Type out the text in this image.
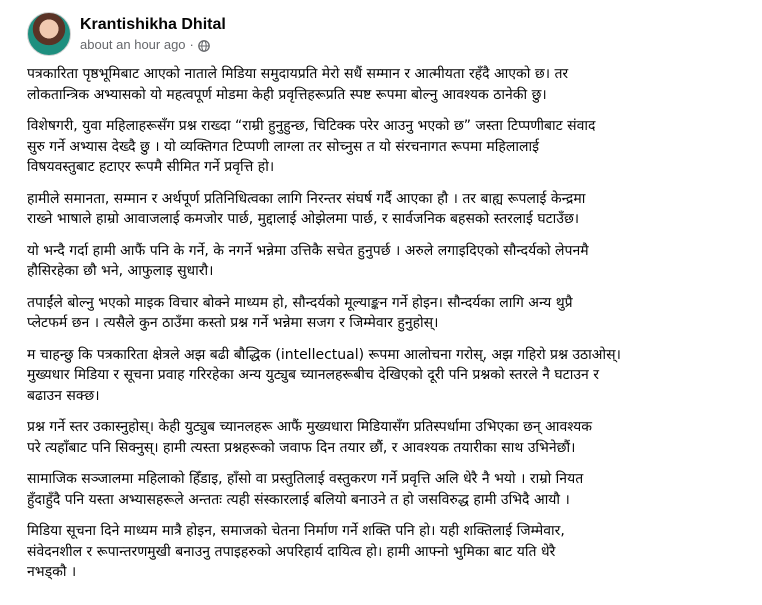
Krantishikha Dhital
about an hour ago ·

पत्रकारिता पृष्ठभूमिबाट आएको नाताले मिडिया समुदायप्रति मेरो सधैं सम्मान र आत्मीयता रहँदै आएको छ। तर
लोकतान्त्रिक अभ्यासको यो महत्वपूर्ण मोडमा केही प्रवृत्तिहरूप्रति स्पष्ट रूपमा बोल्नु आवश्यक ठानेकी छु।

विशेषगरी, युवा महिलाहरूसँग प्रश्न राख्दा “राम्री हुनुहुन्छ, चिटिक्क परेर आउनु भएको छ” जस्ता टिप्पणीबाट संवाद
सुरु गर्ने अभ्यास देख्दै छु । यो व्यक्तिगत टिप्पणी लाग्ला तर सोच्नुस त यो संरचनागत रूपमा महिलालाई
विषयवस्तुबाट हटाएर रूपमै सीमित गर्ने प्रवृत्ति हो।

हामीले समानता, सम्मान र अर्थपूर्ण प्रतिनिधित्वका लागि निरन्तर संघर्ष गर्दै आएका हौ । तर बाह्य रूपलाई केन्द्रमा
राख्ने भाषाले हाम्रो आवाजलाई कमजोर पार्छ, मुद्दालाई ओझेलमा पार्छ, र सार्वजनिक बहसको स्तरलाई घटाउँछ।

यो भन्दै गर्दा हामी आफैं पनि के गर्ने, के नगर्ने भन्नेमा उत्तिकै सचेत हुनुपर्छ । अरुले लगाइदिएको सौन्दर्यको लेपनमै
हौसिरहेका छौ भने, आफुलाइ सुधारौ।

तपाईंले बोल्नु भएको माइक विचार बोक्ने माध्यम हो, सौन्दर्यको मूल्याङ्कन गर्ने होइन। सौन्दर्यका लागि अन्य थुप्रै
प्लेटफर्म छन । त्यसैले कुन ठाउँमा कस्तो प्रश्न गर्ने भन्नेमा सजग र जिम्मेवार हुनुहोस्।

म चाहन्छु कि पत्रकारिता क्षेत्रले अझ बढी बौद्धिक (intellectual) रूपमा आलोचना गरोस्, अझ गहिरो प्रश्न उठाओस्।
मुख्यधार मिडिया र सूचना प्रवाह गरिरहेका अन्य युट्युब च्यानलहरूबीच देखिएको दूरी पनि प्रश्नको स्तरले नै घटाउन र
बढाउन सक्छ।

प्रश्न गर्ने स्तर उकास्नुहोस्। केही युट्युब च्यानलहरू आफैं मुख्यधारा मिडियासँग प्रतिस्पर्धामा उभिएका छन् आवश्यक
परे त्यहाँबाट पनि सिक्नुस्। हामी त्यस्ता प्रश्नहरूको जवाफ दिन तयार छौं, र आवश्यक तयारीका साथ उभिनेछौं।

सामाजिक सञ्जालमा महिलाको हिँडाइ, हाँसो वा प्रस्तुतिलाई वस्तुकरण गर्ने प्रवृत्ति अलि धेरै नै भयो । राम्रो नियत
हुँदाहुँदै पनि यस्ता अभ्यासहरूले अन्ततः त्यही संस्कारलाई बलियो बनाउने त हो जसविरुद्ध हामी उभिदै आयौ ।

मिडिया सूचना दिने माध्यम मात्रै होइन, समाजको चेतना निर्माण गर्ने शक्ति पनि हो। यही शक्तिलाई जिम्मेवार,
संवेदनशील र रूपान्तरणमुखी बनाउनु तपाइहरुको अपरिहार्य दायित्व हो। हामी आफ्नो भुमिका बाट यति धेरै
नभड्कौ ।
